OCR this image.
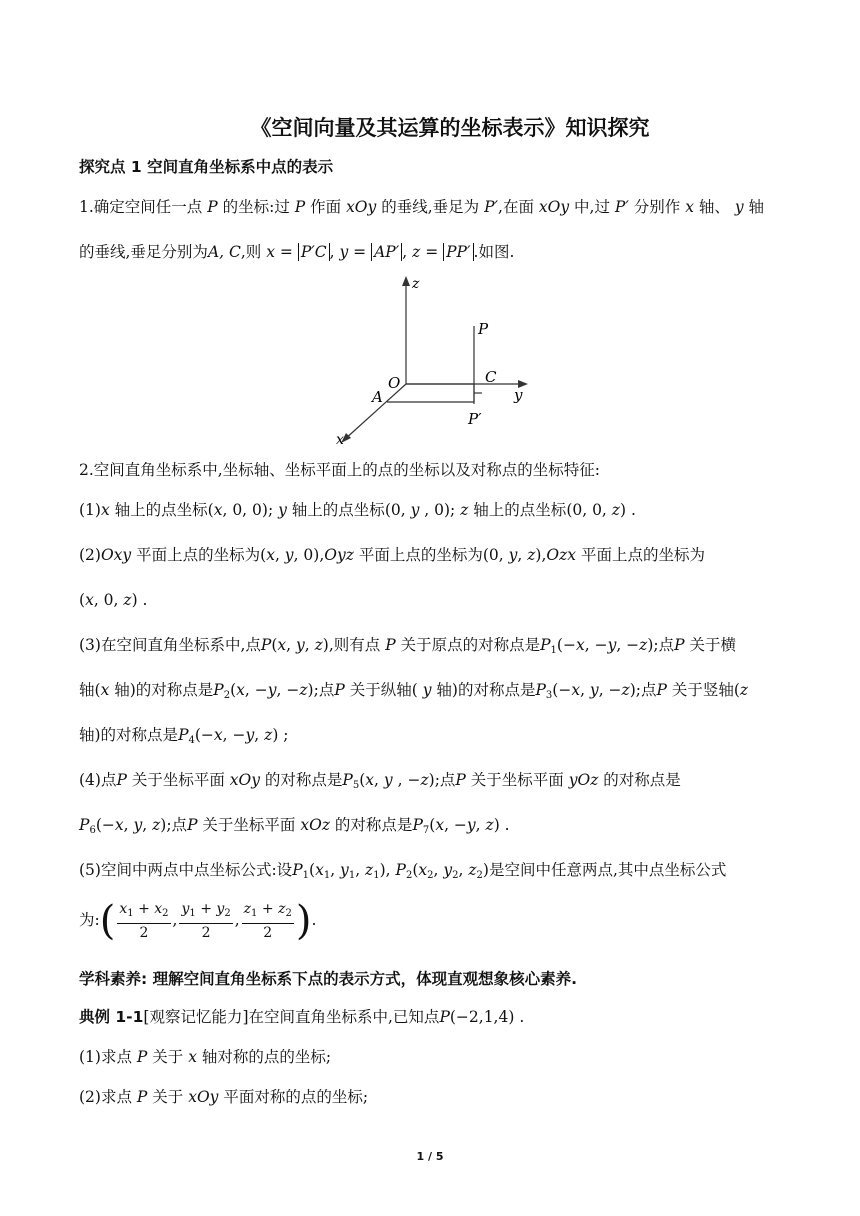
《空间向量及其运算的坐标表示》知识探究
探究点 1 空间直角坐标系中点的表示
1.确定空间任一点 P 的坐标:过 P 作面 xOy 的垂线,垂足为 P′,在面 xOy 中,过 P′ 分别作 x 轴、 y 轴
的垂线,垂足分别为A, C,则 x = P′C , y = AP′ , z = PP′ .如图.
z
P
O	C
A	y
P′
x
2.空间直角坐标系中,坐标轴、坐标平面上的点的坐标以及对称点的坐标特征:
(1)x 轴上的点坐标(x, 0, 0); y 轴上的点坐标(0, y , 0); z 轴上的点坐标(0, 0, z) .
(2)Oxy 平面上点的坐标为(x, y, 0),Oyz 平面上点的坐标为(0, y, z),Ozx 平面上点的坐标为
(x, 0, z) .
(3)在空间直角坐标系中,点P(x, y, z),则有点 P 关于原点的对称点是$P_1(-x$, −y, −z);点P 关于横
轴(x 轴)的对称点是$P_2(x$, −y, −z);点P 关于纵轴( y 轴)的对称点是$P_3(-x$, y, −z);点P 关于竖轴(z
轴)的对称点是$P_4(-x$, −y, z) ;
(4)点P 关于坐标平面 xOy 的对称点是$P_5(x$, y , −z);点P 关于坐标平面 yOz 的对称点是
$P_6(-x$, y, z);点P 关于坐标平面 xOz 的对称点是$P_7(x$, −y, z) .
(5)空间中两点中点坐标公式:设$P_1(x_1$, $y_1$, $z_1$), $P_2(x_2$, $y_2$, $z_2$)是空间中任意两点,其中点坐标公式
为:( $\frac{x_1 + x_2}{2}$ , $\frac{y_1 + y_2}{2}$ , $\frac{z_1 + z_2}{2}$ ).
学科素养: 理解空间直角坐标系下点的表示方式，体现直观想象核心素养.
典例 1-1[观察记忆能力]在空间直角坐标系中,已知点P(−2,1,4) .
(1)求点 P 关于 x 轴对称的点的坐标;
(2)求点 P 关于 xOy 平面对称的点的坐标;
1 / 5
